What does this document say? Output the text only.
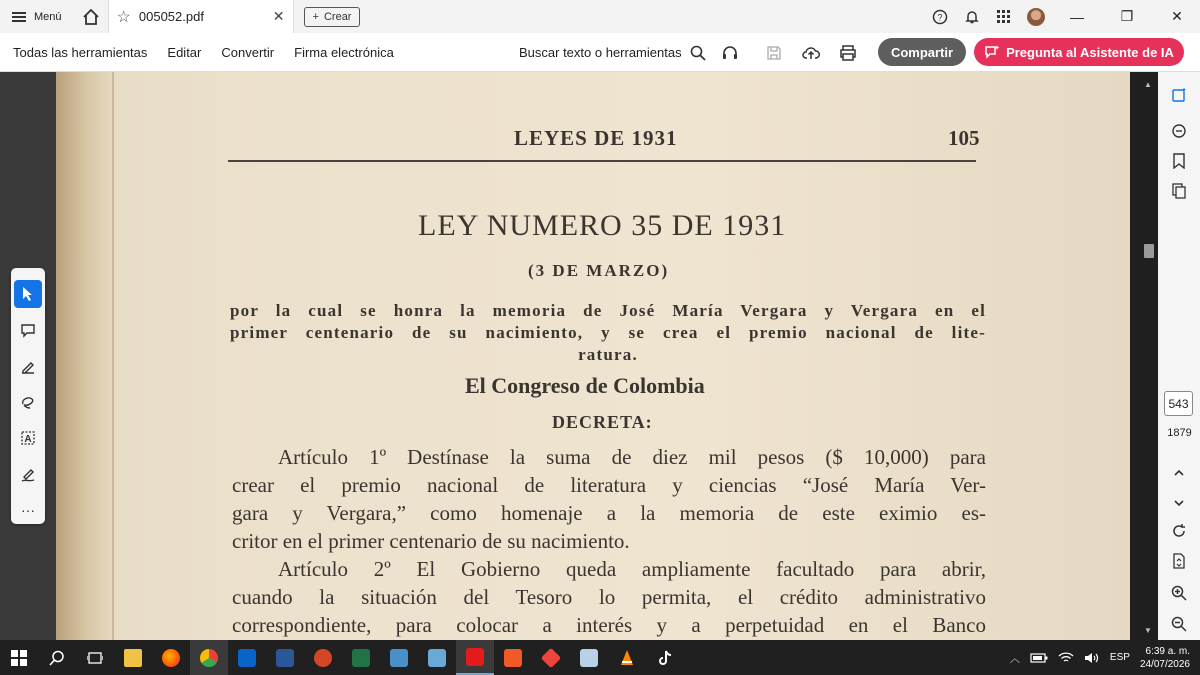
Menú	☆ 005052.pdf	✕	+ Crear	?	—	❐	✕
Todas las herramientas	Editar	Convertir	Firma electrónica	Buscar texto o herramientas	Compartir	Pregunta al Asistente de IA
LEYES DE 1931	105
LEY NUMERO 35 DE 1931
(3 DE MARZO)
por la cual se honra la memoria de José María Vergara y Vergara en el
primer centenario de su nacimiento, y se crea el premio nacional de lite-
ratura.
El Congreso de Colombia
DECRETA:
Artículo 1º Destínase la suma de diez mil pesos ($ 10,000) para
crear el premio nacional de literatura y ciencias “José María Ver-
gara y Vergara,” como homenaje a la memoria de este eximio es-
critor en el primer centenario de su nacimiento.
Artículo 2º El Gobierno queda ampliamente facultado para abrir,
cuando la situación del Tesoro lo permita, el crédito administrativo
correspondiente, para colocar a interés y a perpetuidad en el Banco
A
···
▲
▼
543
1879
︿	ESP
6:39 a. m.
24/07/2026
